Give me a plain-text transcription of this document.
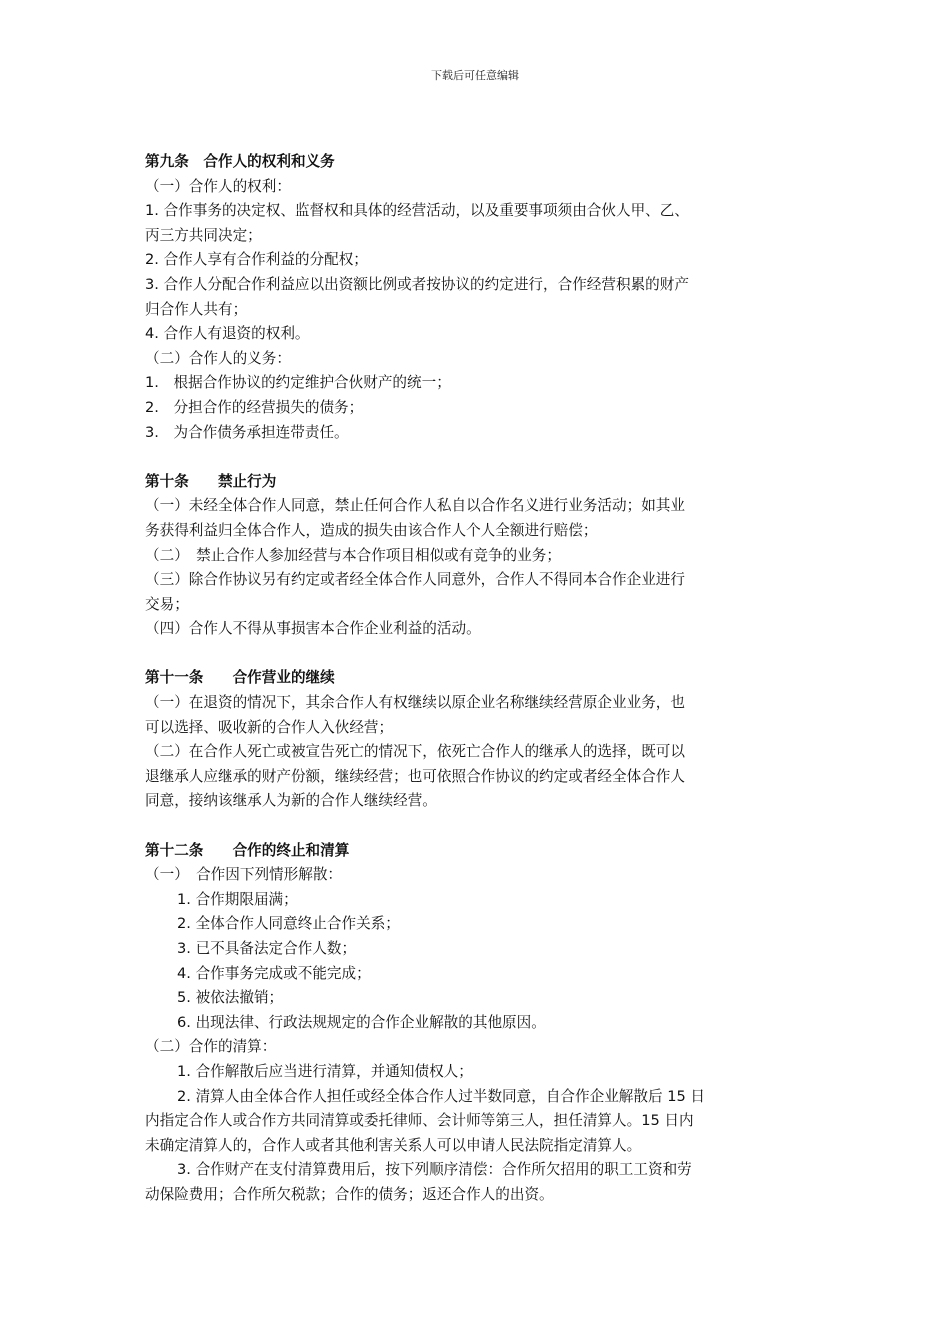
下载后可任意编辑

第九条　合作人的权利和义务

（一）合作人的权利：

1. 合作事务的决定权、监督权和具体的经营活动，以及重要事项须由合伙人甲、乙、

丙三方共同决定；

2. 合作人享有合作利益的分配权；

3. 合作人分配合作利益应以出资额比例或者按协议的约定进行，合作经营积累的财产

归合作人共有；

4. 合作人有退资的权利。

（二）合作人的义务：

1.　根据合作协议的约定维护合伙财产的统一；

2.　分担合作的经营损失的债务；

3.　为合作债务承担连带责任。

第十条　　禁止行为

（一）未经全体合作人同意，禁止任何合作人私自以合作名义进行业务活动；如其业

务获得利益归全体合作人，造成的损失由该合作人个人全额进行赔偿；

（二）　禁止合作人参加经营与本合作项目相似或有竞争的业务；

（三）除合作协议另有约定或者经全体合作人同意外，合作人不得同本合作企业进行

交易；

（四）合作人不得从事损害本合作企业利益的活动。

第十一条　　合作营业的继续

（一）在退资的情况下，其余合作人有权继续以原企业名称继续经营原企业业务，也

可以选择、吸收新的合作人入伙经营；

（二）在合作人死亡或被宣告死亡的情况下，依死亡合作人的继承人的选择，既可以

退继承人应继承的财产份额，继续经营；也可依照合作协议的约定或者经全体合作人

同意，接纳该继承人为新的合作人继续经营。

第十二条　　合作的终止和清算

（一）　合作因下列情形解散：

1. 合作期限届满；

2. 全体合作人同意终止合作关系；

3. 已不具备法定合作人数；

4. 合作事务完成或不能完成；

5. 被依法撤销；

6. 出现法律、行政法规规定的合作企业解散的其他原因。

（二）合作的清算：

1. 合作解散后应当进行清算，并通知债权人；

2. 清算人由全体合作人担任或经全体合作人过半数同意，自合作企业解散后 15 日

内指定合作人或合作方共同清算或委托律师、会计师等第三人，担任清算人。15 日内

未确定清算人的，合作人或者其他利害关系人可以申请人民法院指定清算人。

3. 合作财产在支付清算费用后，按下列顺序清偿：合作所欠招用的职工工资和劳

动保险费用；合作所欠税款；合作的债务；返还合作人的出资。
